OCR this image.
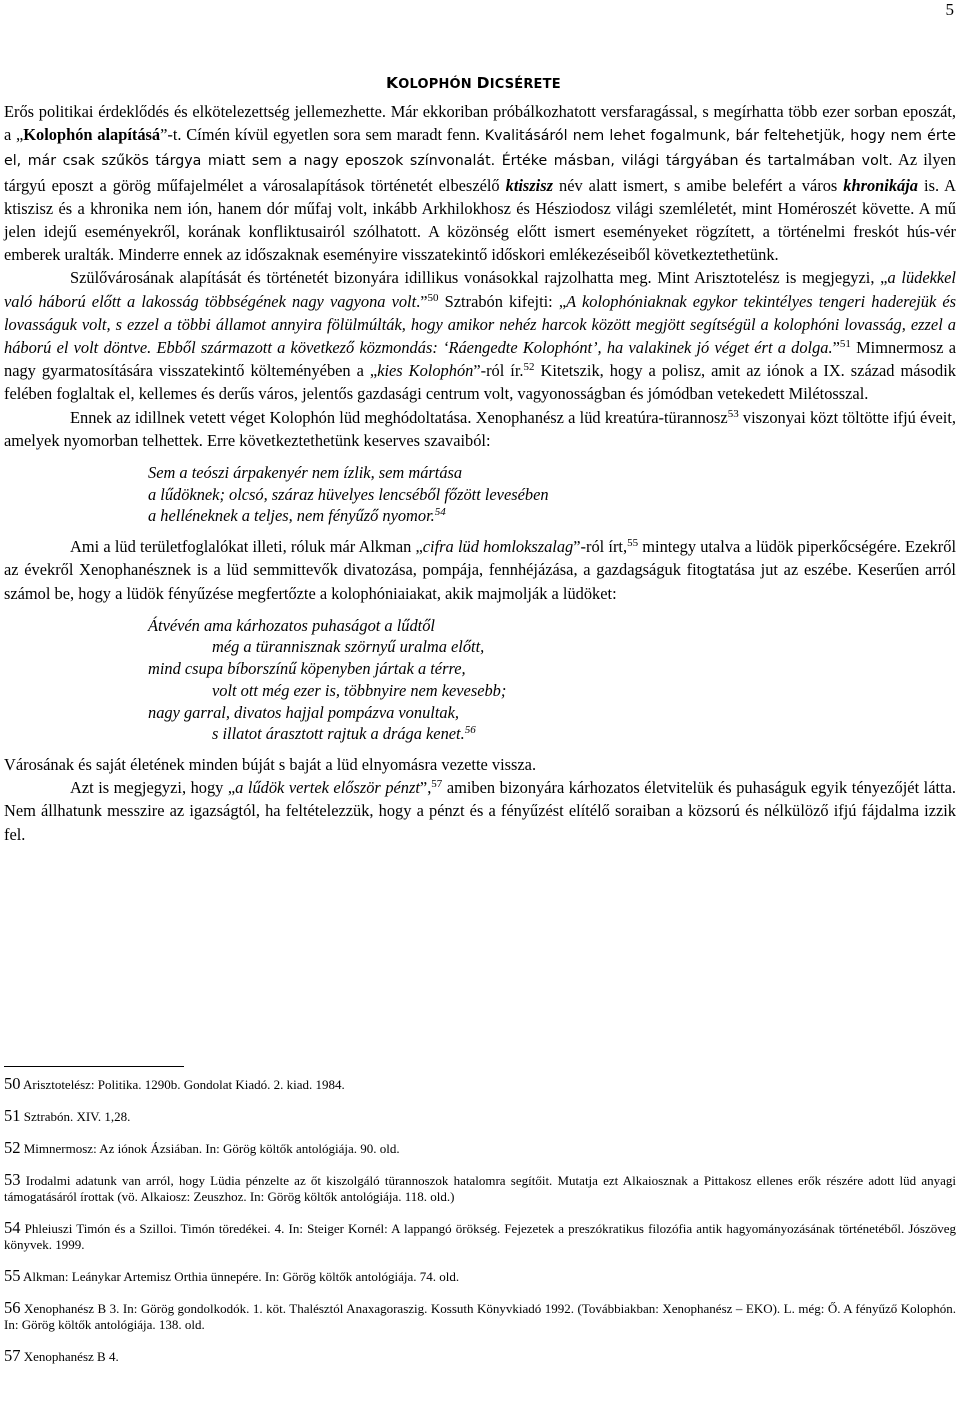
5
KOLOPHÓN DICSÉRETE

Erős politikai érdeklődés és elkötelezettség jellemezhette. Már ekkoriban próbálkozhatott versfaragással, s megírhatta több ezer sorban eposzát, a „Kolophón alapításá”-t. Címén kívül egyetlen sora sem maradt fenn. Kvalitásáról nem lehet fogalmunk, bár feltehetjük, hogy nem érte el, már csak szűkös tárgya miatt sem a nagy eposzok színvonalát. Értéke másban, világi tárgyában és tartalmában volt. Az ilyen tárgyú eposzt a görög műfajelmélet a városalapítások történetét elbeszélő ktiszisz név alatt ismert, s amibe belefért a város khronikája is. A ktiszisz és a khronika nem ión, hanem dór műfaj volt, inkább Arkhilokhosz és Hésziodosz világi szemléletét, mint Homéroszét követte. A mű jelen idejű eseményekről, korának konfliktusairól szólhatott. A közönség előtt ismert eseményeket rögzített, a történelmi freskót hús-vér emberek uralták. Minderre ennek az időszaknak eseményire visszatekintő időskori emlékezéseiből következtethetünk.

Szülővárosának alapítását és történetét bizonyára idillikus vonásokkal rajzolhatta meg. Mint Arisztotelész is megjegyzi, „a lüdekkel való háború előtt a lakosság többségének nagy vagyona volt.”$^{50}$ Sztrabón kifejti: „A kolophóniaknak egykor tekintélyes tengeri haderejük és lovasságuk volt, s ezzel a többi államot annyira fölülmúlták, hogy amikor nehéz harcok között megjött segítségül a kolophóni lovasság, ezzel a háború el volt döntve. Ebből származott a következő közmondás: ‘Ráengedte Kolophónt’, ha valakinek jó véget ért a dolga.”$^{51}$ Mimnermosz a nagy gyarmatosítására visszatekintő költeményében a „kies Kolophón”-ról ír.$^{52}$ Kitetszik, hogy a polisz, amit az iónok a IX. század második felében foglaltak el, kellemes és derűs város, jelentős gazdasági centrum volt, vagyonosságban és jómódban vetekedett Milétosszal.

Ennek az idillnek vetett véget Kolophón lüd meghódoltatása. Xenophanész a lüd kreatúra-türannosz$^{53}$ viszonyai közt töltötte ifjú éveit, amelyek nyomorban telhettek. Erre következtethetünk keserves szavaiból:

Sem a teószi árpakenyér nem ízlik, sem mártása
a lűdöknek; olcsó, száraz hüvelyes lencséből főzött levesében
a helléneknek a teljes, nem fényűző nyomor.$^{54}$

Ami a lüd területfoglalókat illeti, róluk már Alkman „cifra lüd homlokszalag”-ról írt,$^{55}$ mintegy utalva a lüdök piperkőcségére. Ezekről az évekről Xenophanésznek is a lüd semmittevők divatozása, pompája, fennhéjázása, a gazdagságuk fitogtatása jut az eszébe. Keserűen arról számol be, hogy a lüdök fényűzése megfertőzte a kolophóniaiakat, akik majmolják a lüdöket:

Átvévén ama kárhozatos puhaságot a lűdtől
még a türannisznak szörnyű uralma előtt,
mind csupa bíborszínű köpenyben jártak a térre,
volt ott még ezer is, többnyire nem kevesebb;
nagy garral, divatos hajjal pompázva vonultak,
s illatot árasztott rajtuk a drága kenet.$^{56}$

Városának és saját életének minden búját s baját a lüd elnyomásra vezette vissza.

Azt is megjegyzi, hogy „a lűdök vertek először pénzt”,$^{57}$ amiben bizonyára kárhozatos életvitelük és puhaságuk egyik tényezőjét látta. Nem állhatunk messzire az igazságtól, ha feltételezzük, hogy a pénzt és a fényűzést elítélő soraiban a közsorú és nélkülöző ifjú fájdalma izzik fel.

50 Arisztotelész: Politika. 1290b. Gondolat Kiadó. 2. kiad. 1984.
51 Sztrabón. XIV. 1,28.
52 Mimnermosz: Az iónok Ázsiában. In: Görög költők antológiája. 90. old.
53 Irodalmi adatunk van arról, hogy Lüdia pénzelte az őt kiszolgáló türannoszok hatalomra segítőit. Mutatja ezt Alkaiosznak a Pittakosz ellenes erők részére adott lüd anyagi támogatásáról írottak (vö. Alkaiosz: Zeuszhoz. In: Görög költők antológiája. 118. old.)
54 Phleiuszi Timón és a Szilloi. Timón töredékei. 4. In: Steiger Kornél: A lappangó örökség. Fejezetek a preszókratikus filozófia antik hagyományozásának történetéből. Jószöveg könyvek. 1999.
55 Alkman: Leánykar Artemisz Orthia ünnepére. In: Görög költők antológiája. 74. old.
56 Xenophanész B 3. In: Görög gondolkodók. 1. köt. Thalésztól Anaxagoraszig. Kossuth Könyvkiadó 1992. (Továbbiakban: Xenophanész – EKO). L. még: Ő. A fényűző Kolophón. In: Görög költők antológiája. 138. old.
57 Xenophanész B 4.
